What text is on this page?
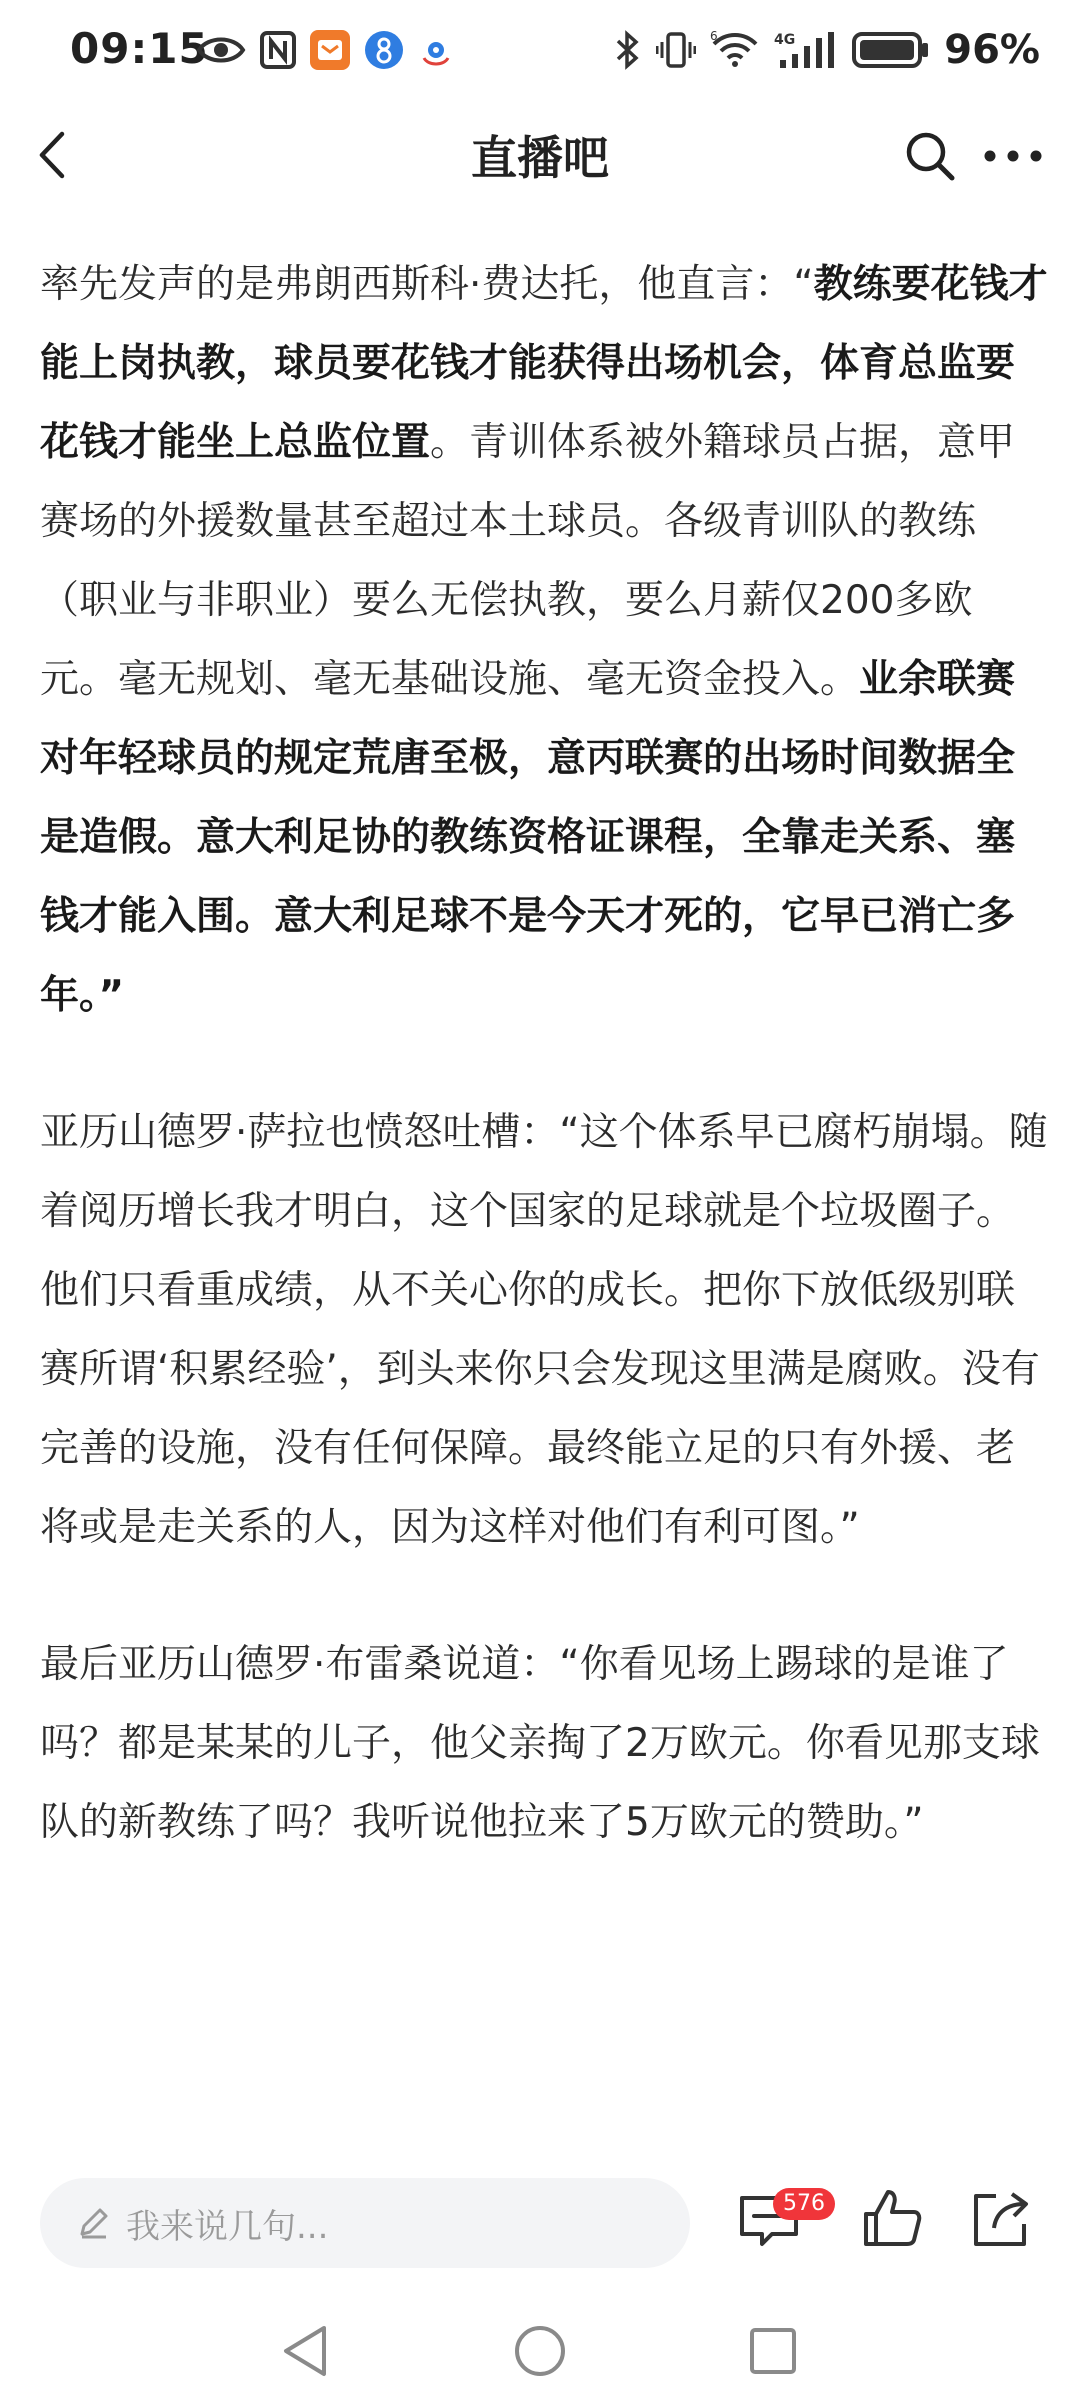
09:15	6	4G	96%
直播吧

率先发声的是弗朗西斯科·费达托，他直言：“教练要花钱才能上岗执教，球员要花钱才能获得出场机会，体育总监要花钱才能坐上总监位置。青训体系被外籍球员占据，意甲赛场的外援数量甚至超过本土球员。各级青训队的教练（职业与非职业）要么无偿执教，要么月薪仅200多欧元。毫无规划、毫无基础设施、毫无资金投入。业余联赛对年轻球员的规定荒唐至极，意丙联赛的出场时间数据全是造假。意大利足协的教练资格证课程，全靠走关系、塞钱才能入围。意大利足球不是今天才死的，它早已消亡多年。”

亚历山德罗·萨拉也愤怒吐槽：“这个体系早已腐朽崩塌。随着阅历增长我才明白，这个国家的足球就是个垃圾圈子。他们只看重成绩，从不关心你的成长。把你下放低级别联赛所谓‘积累经验’，到头来你只会发现这里满是腐败。没有完善的设施，没有任何保障。最终能立足的只有外援、老将或是走关系的人，因为这样对他们有利可图。”

最后亚历山德罗·布雷桑说道：“你看见场上踢球的是谁了吗？都是某某的儿子，他父亲掏了2万欧元。你看见那支球队的新教练了吗？我听说他拉来了5万欧元的赞助。”

我来说几句...
576
